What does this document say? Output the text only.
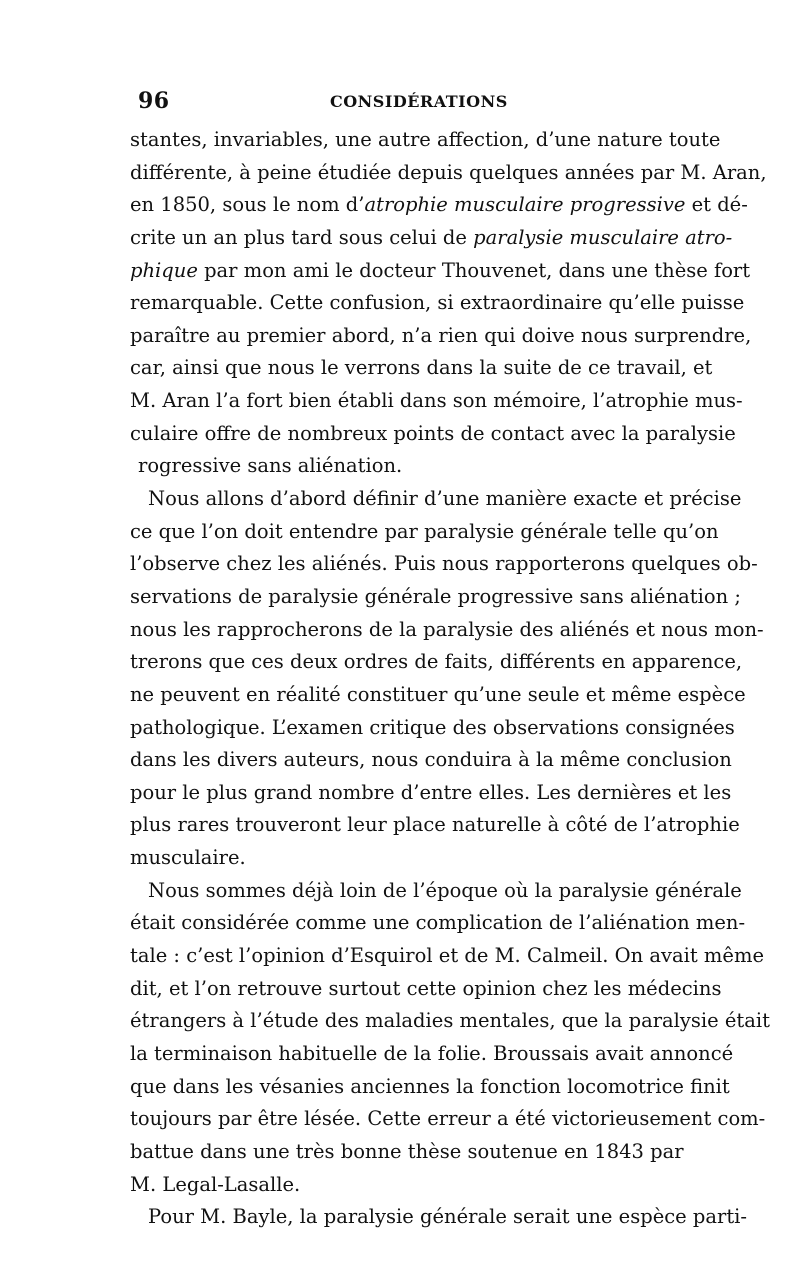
96	CONSIDÉRATIONS
stantes, invariables, une autre affection, d’une nature toute
différente, à peine étudiée depuis quelques années par M. Aran,
en 1850, sous le nom d’atrophie musculaire progressive et dé-
crite un an plus tard sous celui de paralysie musculaire atro-
phique par mon ami le docteur Thouvenet, dans une thèse fort
remarquable. Cette confusion, si extraordinaire qu’elle puisse
paraître au premier abord, n’a rien qui doive nous surprendre,
car, ainsi que nous le verrons dans la suite de ce travail, et
M. Aran l’a fort bien établi dans son mémoire, l’atrophie mus-
culaire offre de nombreux points de contact avec la paralysie
rogressive sans aliénation.
Nous allons d’abord définir d’une manière exacte et précise
ce que l’on doit entendre par paralysie générale telle qu’on
l’observe chez les aliénés. Puis nous rapporterons quelques ob-
servations de paralysie générale progressive sans aliénation ;
nous les rapprocherons de la paralysie des aliénés et nous mon-
trerons que ces deux ordres de faits, différents en apparence,
ne peuvent en réalité constituer qu’une seule et même espèce
pathologique. L’examen critique des observations consignées
dans les divers auteurs, nous conduira à la même conclusion
pour le plus grand nombre d’entre elles. Les dernières et les
plus rares trouveront leur place naturelle à côté de l’atrophie
musculaire.
Nous sommes déjà loin de l’époque où la paralysie générale
était considérée comme une complication de l’aliénation men-
tale : c’est l’opinion d’Esquirol et de M. Calmeil. On avait même
dit, et l’on retrouve surtout cette opinion chez les médecins
étrangers à l’étude des maladies mentales, que la paralysie était
la terminaison habituelle de la folie. Broussais avait annoncé
que dans les vésanies anciennes la fonction locomotrice finit
toujours par être lésée. Cette erreur a été victorieusement com-
battue dans une très bonne thèse soutenue en 1843 par
M. Legal-Lasalle.
Pour M. Bayle, la paralysie générale serait une espèce parti-
